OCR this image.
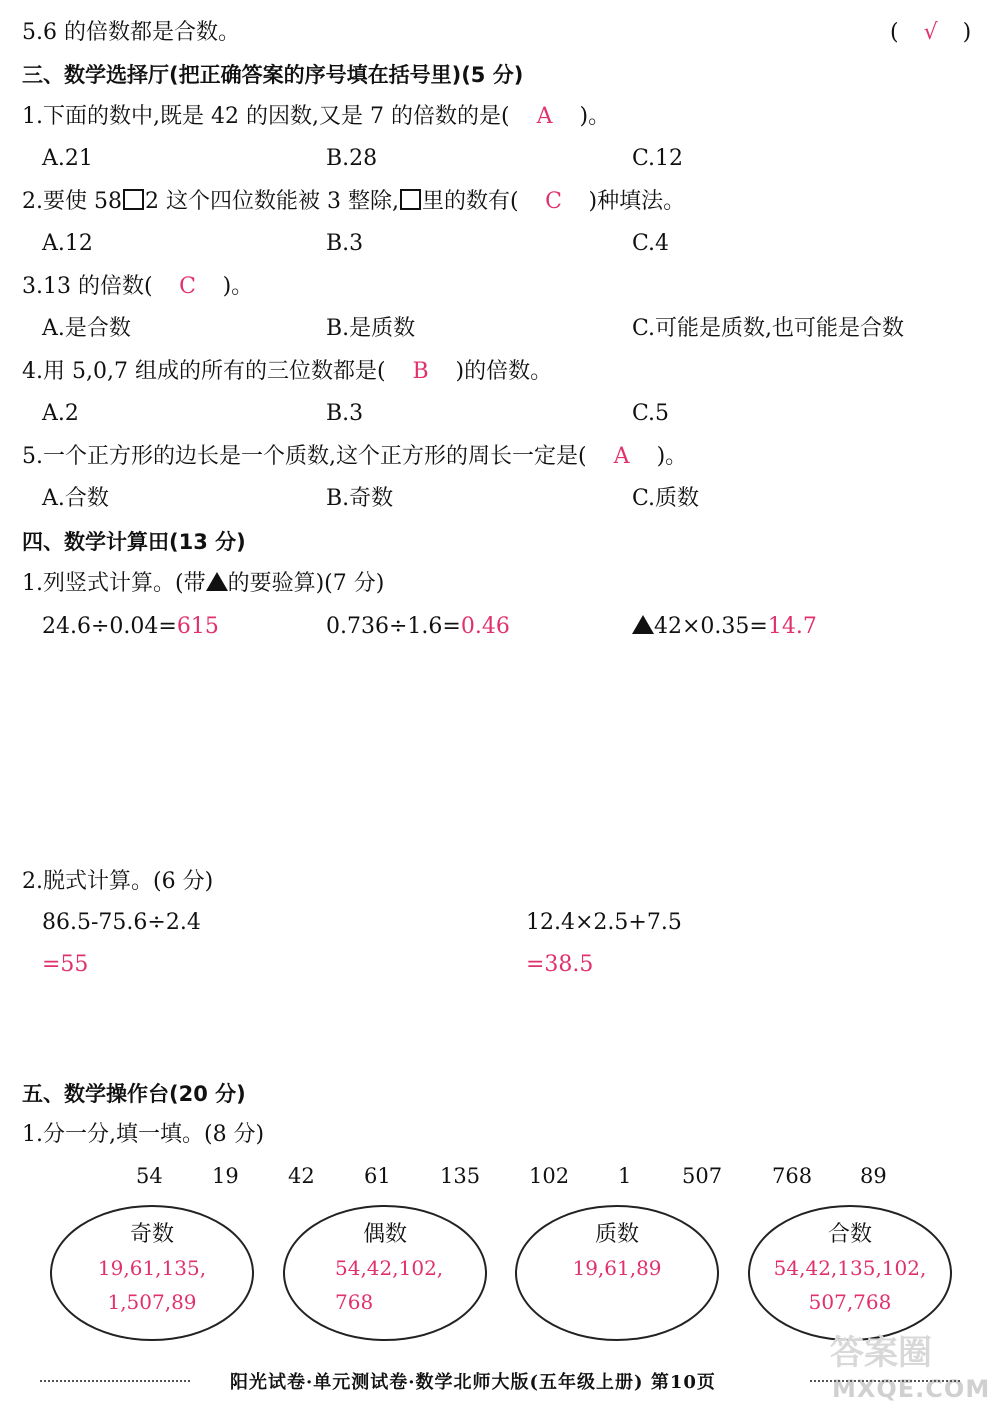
5.6 的倍数都是合数。	( √ )
三、数学选择厅(把正确答案的序号填在括号里)(5 分)
1.下面的数中,既是 42 的因数,又是 7 的倍数的是( A )。
A.21	B.28	C.12
2.要使 58 2 这个四位数能被 3 整除, 里的数有( C )种填法。
A.12	B.3	C.4
3.13 的倍数( C )。
A.是合数	B.是质数	C.可能是质数,也可能是合数
4.用 5,0,7 组成的所有的三位数都是( B )的倍数。
A.2	B.3	C.5
5.一个正方形的边长是一个质数,这个正方形的周长一定是( A )。
A.合数	B.奇数	C.质数
四、数学计算田(13 分)
1.列竖式计算。(带 的要验算)(7 分)
24.6÷0.04=615	0.736÷1.6=0.46	42×0.35=14.7
2.脱式计算。(6 分)
86.5-75.6÷2.4
=55
12.4×2.5+7.5
=38.5
五、数学操作台(20 分)
1.分一分,填一填。(8 分)
54 19 42 61 135 102 1 507 768 89
奇数
19,61,135,
1,507,89
偶数
54,42,102,
768
质数
19,61,89
合数
54,42,135,102,
507,768
答案圈
MXQE.COM
阳光试卷·单元测试卷·数学北师大版(五年级上册) 第10页
